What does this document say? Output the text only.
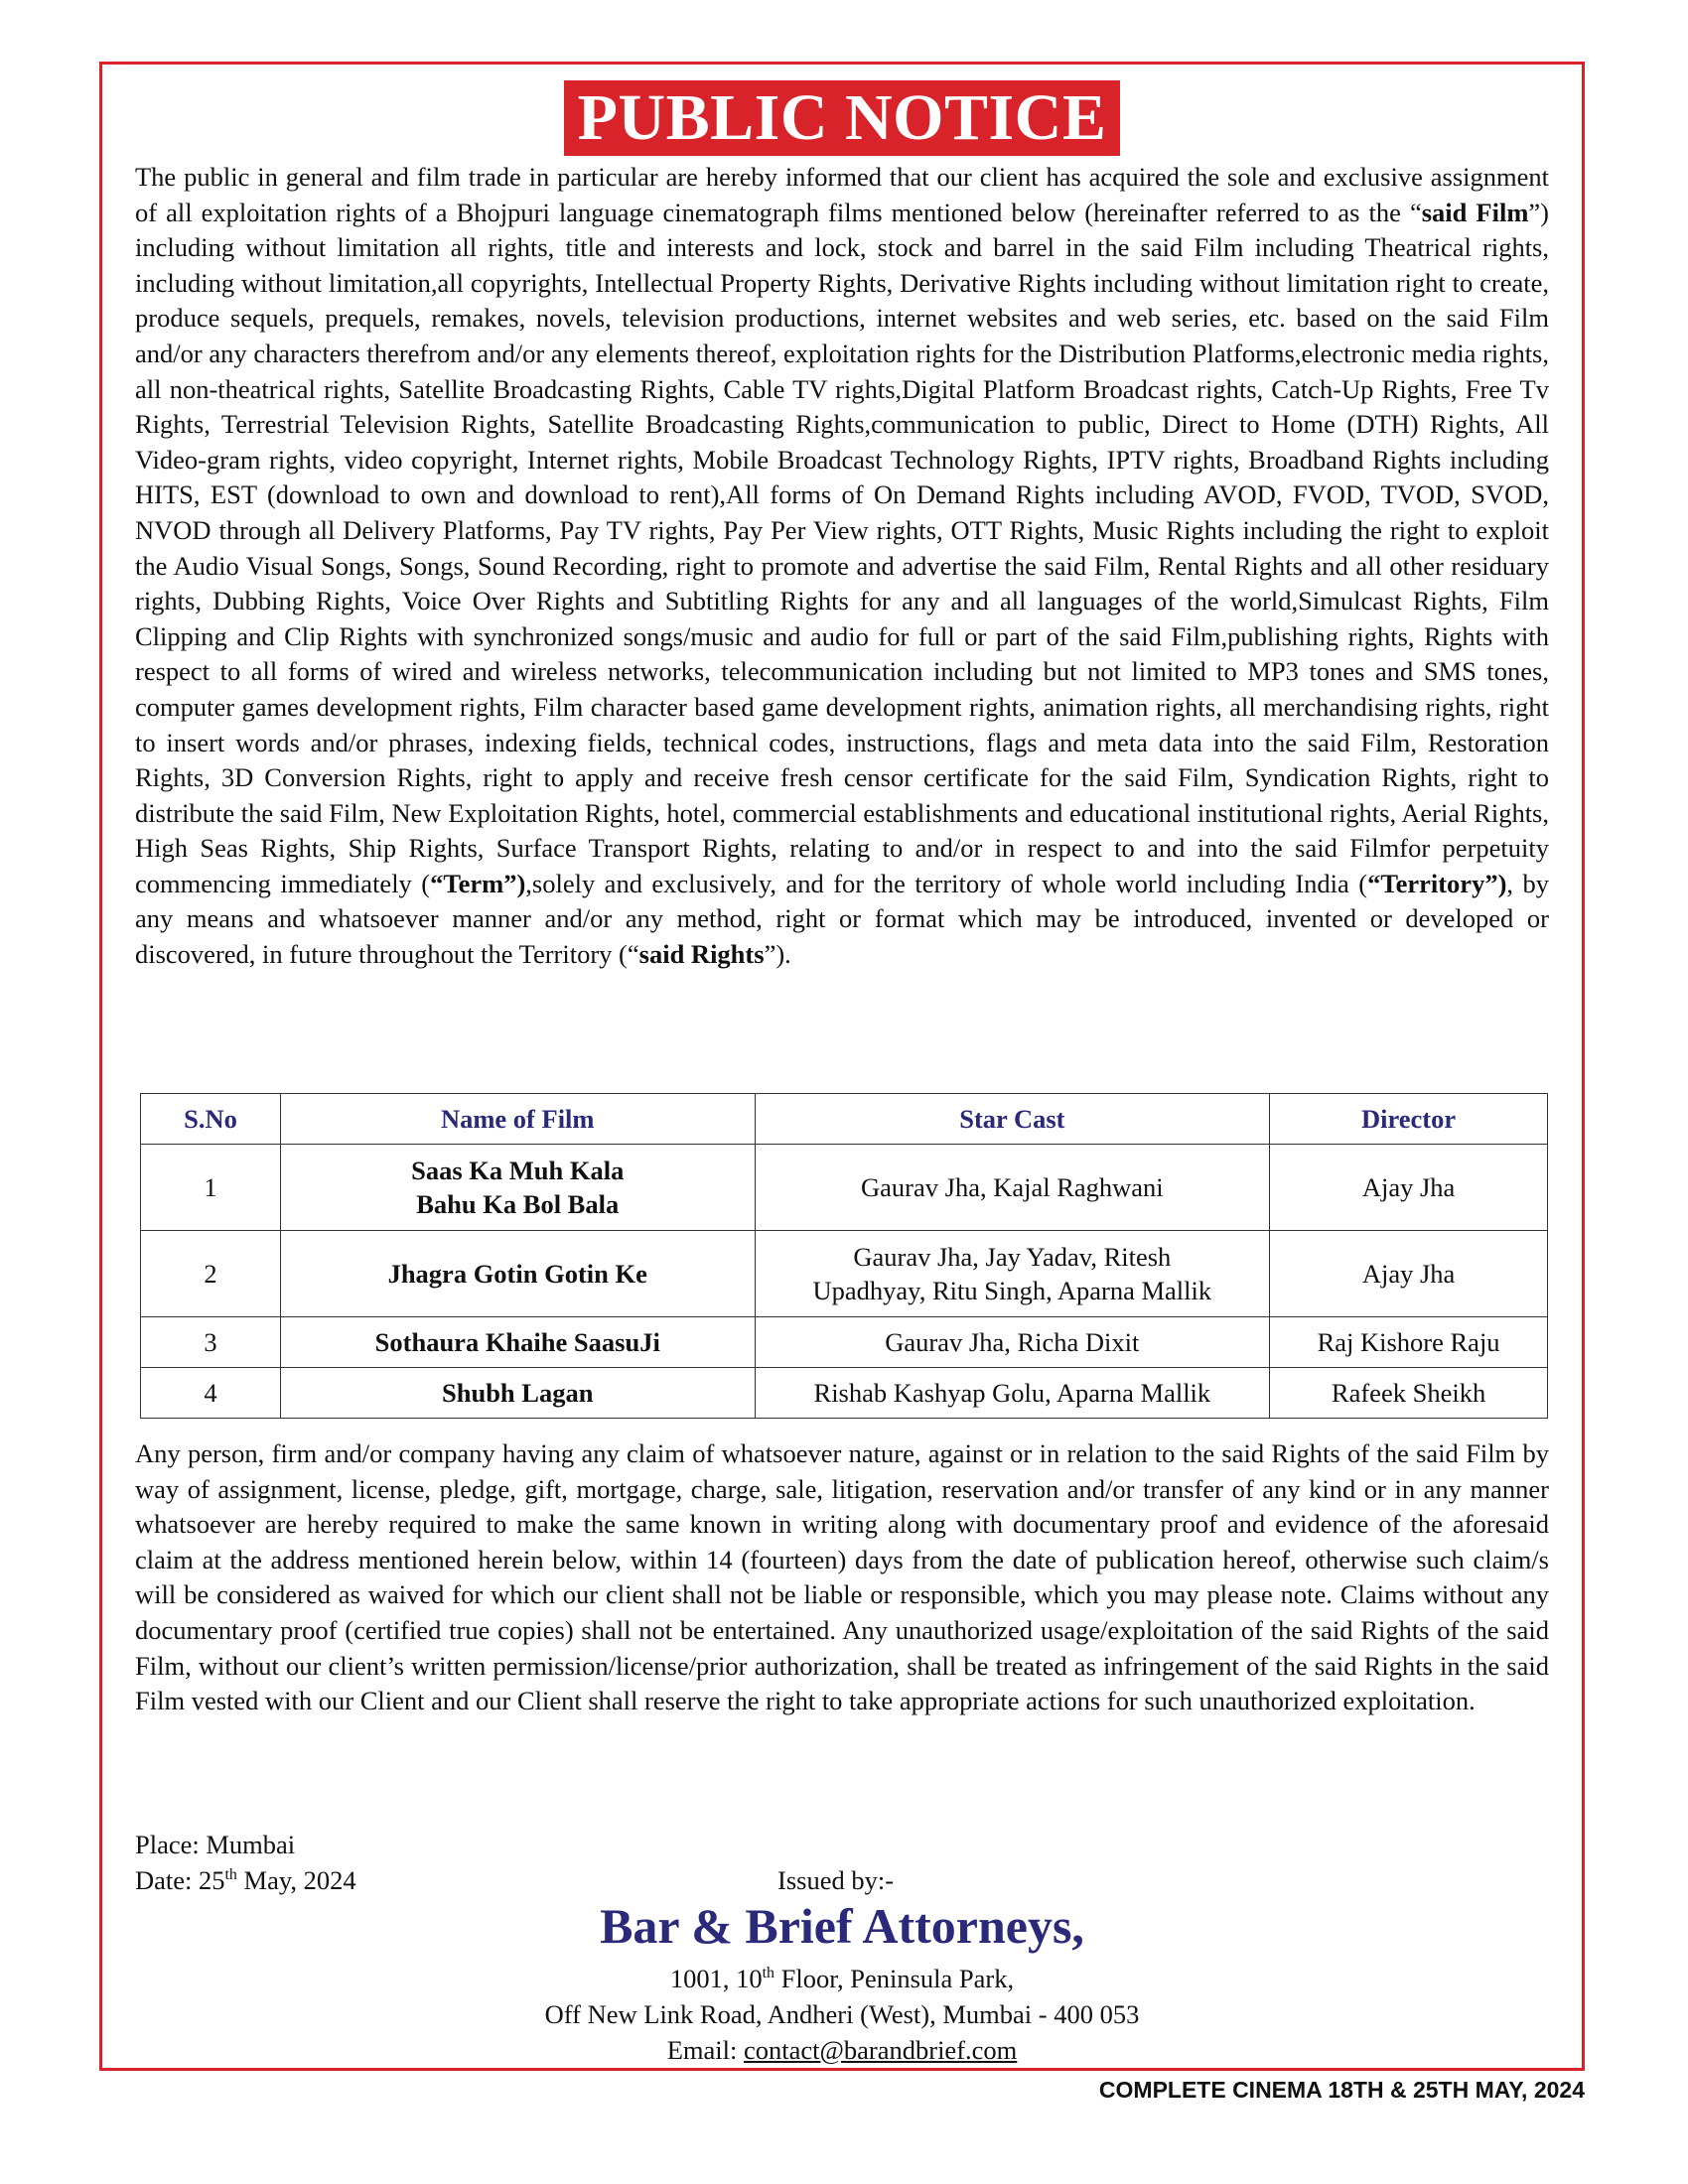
PUBLIC NOTICE
The public in general and film trade in particular are hereby informed that our client has acquired the sole and exclusive assignment of all exploitation rights of a Bhojpuri language cinematograph films mentioned below (hereinafter referred to as the “said Film”) including without limitation all rights, title and interests and lock, stock and barrel in the said Film including Theatrical rights, including without limitation,all copyrights, Intellectual Property Rights, Derivative Rights including without limitation right to create, produce sequels, prequels, remakes, novels, television productions, internet websites and web series, etc. based on the said Film and/or any characters therefrom and/or any elements thereof, exploitation rights for the Distribution Platforms,electronic media rights, all non-theatrical rights, Satellite Broadcasting Rights, Cable TV rights,Digital Platform Broadcast rights, Catch-Up Rights, Free Tv Rights, Terrestrial Television Rights, Satellite Broadcasting Rights,communication to public, Direct to Home (DTH) Rights, All Video-gram rights, video copyright, Internet rights, Mobile Broadcast Technology Rights, IPTV rights, Broadband Rights including HITS, EST (download to own and download to rent),All forms of On Demand Rights including AVOD, FVOD, TVOD, SVOD, NVOD through all Delivery Platforms, Pay TV rights, Pay Per View rights, OTT Rights, Music Rights including the right to exploit the Audio Visual Songs, Songs, Sound Recording, right to promote and advertise the said Film, Rental Rights and all other residuary rights, Dubbing Rights, Voice Over Rights and Subtitling Rights for any and all languages of the world,Simulcast Rights, Film Clipping and Clip Rights with synchronized songs/music and audio for full or part of the said Film,publishing rights, Rights with respect to all forms of wired and wireless networks, telecommunication including but not limited to MP3 tones and SMS tones, computer games development rights, Film character based game development rights, animation rights, all merchandising rights, right to insert words and/or phrases, indexing fields, technical codes, instructions, flags and meta data into the said Film, Restoration Rights, 3D Conversion Rights, right to apply and receive fresh censor certificate for the said Film, Syndication Rights, right to distribute the said Film, New Exploitation Rights, hotel, commercial establishments and educational institutional rights, Aerial Rights, High Seas Rights, Ship Rights, Surface Transport Rights, relating to and/or in respect to and into the said Filmfor perpetuity commencing immediately (“Term”),solely and exclusively, and for the territory of whole world including India (“Territory”), by any means and whatsoever manner and/or any method, right or format which may be introduced, invented or developed or discovered, in future throughout the Territory (“said Rights”).
S.No	Name of Film	Star Cast	Director
1	Saas Ka Muh Kala
Bahu Ka Bol Bala	Gaurav Jha, Kajal Raghwani	Ajay Jha
2	Jhagra Gotin Gotin Ke	Gaurav Jha, Jay Yadav, Ritesh
Upadhyay, Ritu Singh, Aparna Mallik	Ajay Jha
3	Sothaura Khaihe SaasuJi	Gaurav Jha, Richa Dixit	Raj Kishore Raju
4	Shubh Lagan	Rishab Kashyap Golu, Aparna Mallik	Rafeek Sheikh
Any person, firm and/or company having any claim of whatsoever nature, against or in relation to the said Rights of the said Film by way of assignment, license, pledge, gift, mortgage, charge, sale, litigation, reservation and/or transfer of any kind or in any manner whatsoever are hereby required to make the same known in writing along with documentary proof and evidence of the aforesaid claim at the address mentioned herein below, within 14 (fourteen) days from the date of publication hereof, otherwise such claim/s will be considered as waived for which our client shall not be liable or responsible, which you may please note. Claims without any documentary proof (certified true copies) shall not be entertained. Any unauthorized usage/exploitation of the said Rights of the said Film, without our client’s written permission/license/prior authorization, shall be treated as infringement of the said Rights in the said Film vested with our Client and our Client shall reserve the right to take appropriate actions for such unauthorized exploitation.
Place: Mumbai
Date: 25th May, 2024	Issued by:-
Bar & Brief Attorneys,
1001, 10th Floor, Peninsula Park,
Off New Link Road, Andheri (West), Mumbai - 400 053
Email: contact@barandbrief.com
COMPLETE CINEMA 18TH & 25TH MAY, 2024
